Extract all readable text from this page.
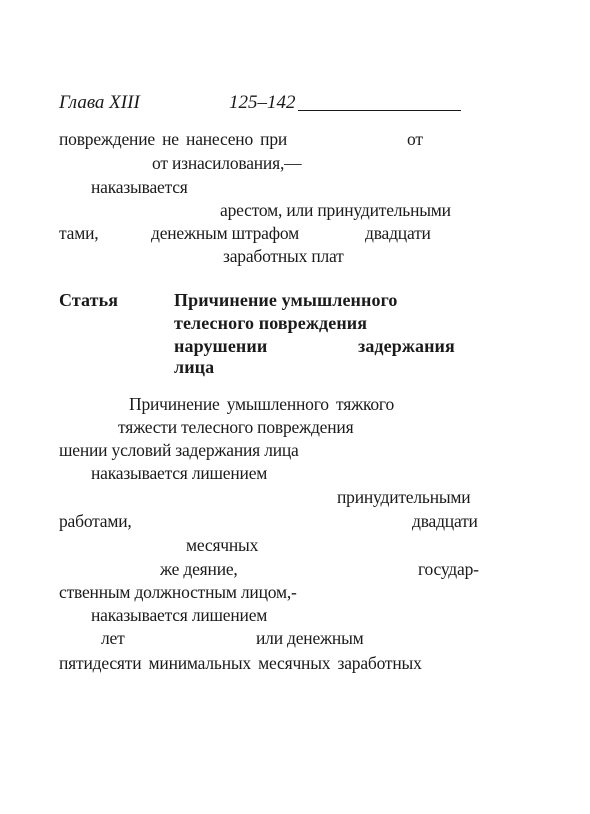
Глава XIII	125–142
повреждение не нанесено при	от
от изнасилования,—
наказывается
арестом, или принудительными
тами,	денежным штрафом	двадцати
заработных плат
Статья	Причинение умышленного
телесного повреждения
нарушении	задержания
лица
Причинение умышленного тяжкого
тяжести телесного повреждения
шении условий задержания лица
наказывается лишением
принудительными
работами,	двадцати
месячных
же деяние,	государ-
ственным должностным лицом,-
наказывается лишением
лет	или денежным
пятидесяти минимальных месячных заработных
